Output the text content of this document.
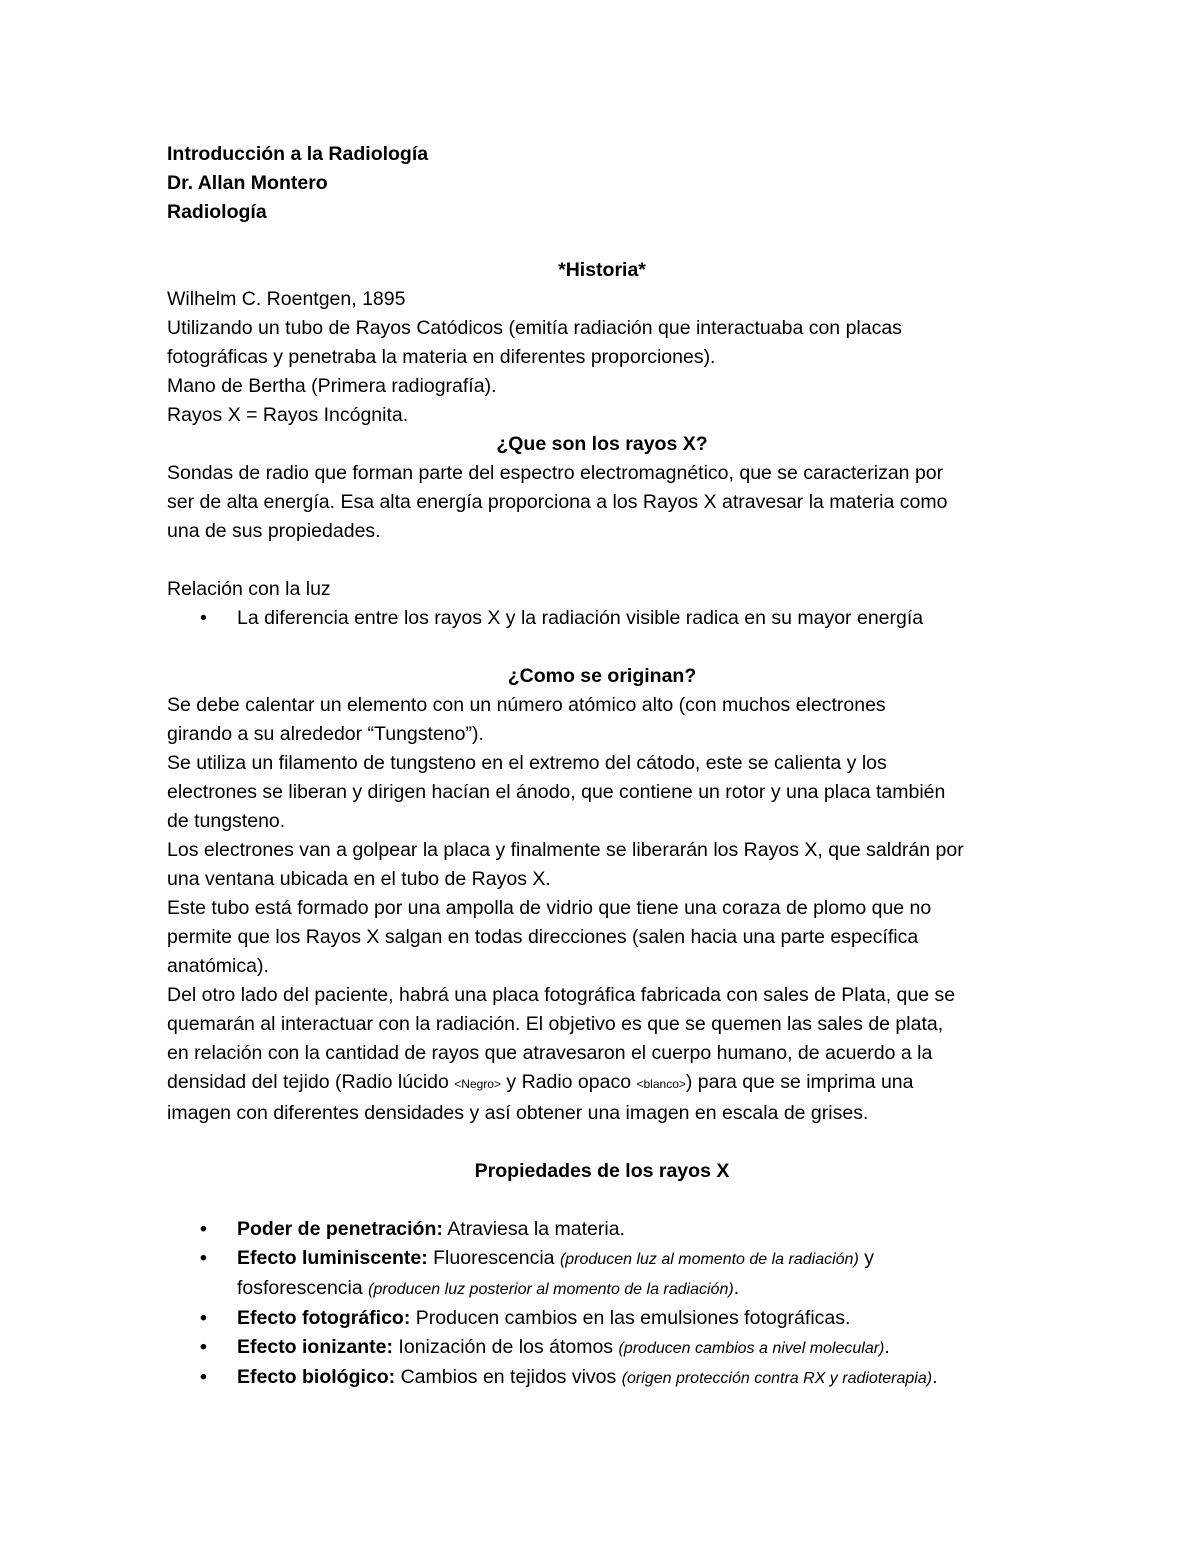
Introducción a la Radiología
Dr. Allan Montero
Radiología
*Historia*
Wilhelm C. Roentgen, 1895
Utilizando un tubo de Rayos Catódicos (emitía radiación que interactuaba con placas
fotográficas y penetraba la materia en diferentes proporciones).
Mano de Bertha (Primera radiografía).
Rayos X = Rayos Incógnita.
¿Que son los rayos X?
Sondas de radio que forman parte del espectro electromagnético, que se caracterizan por
ser de alta energía. Esa alta energía proporciona a los Rayos X atravesar la materia como
una de sus propiedades.
Relación con la luz
•	La diferencia entre los rayos X y la radiación visible radica en su mayor energía
¿Como se originan?
Se debe calentar un elemento con un número atómico alto (con muchos electrones
girando a su alrededor “Tungsteno”).
Se utiliza un filamento de tungsteno en el extremo del cátodo, este se calienta y los
electrones se liberan y dirigen hacían el ánodo, que contiene un rotor y una placa también
de tungsteno.
Los electrones van a golpear la placa y finalmente se liberarán los Rayos X, que saldrán por
una ventana ubicada en el tubo de Rayos X.
Este tubo está formado por una ampolla de vidrio que tiene una coraza de plomo que no
permite que los Rayos X salgan en todas direcciones (salen hacia una parte específica
anatómica).
Del otro lado del paciente, habrá una placa fotográfica fabricada con sales de Plata, que se
quemarán al interactuar con la radiación. El objetivo es que se quemen las sales de plata,
en relación con la cantidad de rayos que atravesaron el cuerpo humano, de acuerdo a la
densidad del tejido (Radio lúcido <Negro> y Radio opaco <blanco>) para que se imprima una
imagen con diferentes densidades y así obtener una imagen en escala de grises.
Propiedades de los rayos X
•	Poder de penetración: Atraviesa la materia.
•	Efecto luminiscente: Fluorescencia (producen luz al momento de la radiación) y
fosforescencia (producen luz posterior al momento de la radiación).
•	Efecto fotográfico: Producen cambios en las emulsiones fotográficas.
•	Efecto ionizante: Ionización de los átomos (producen cambios a nivel molecular).
•	Efecto biológico: Cambios en tejidos vivos (origen protección contra RX y radioterapia).
